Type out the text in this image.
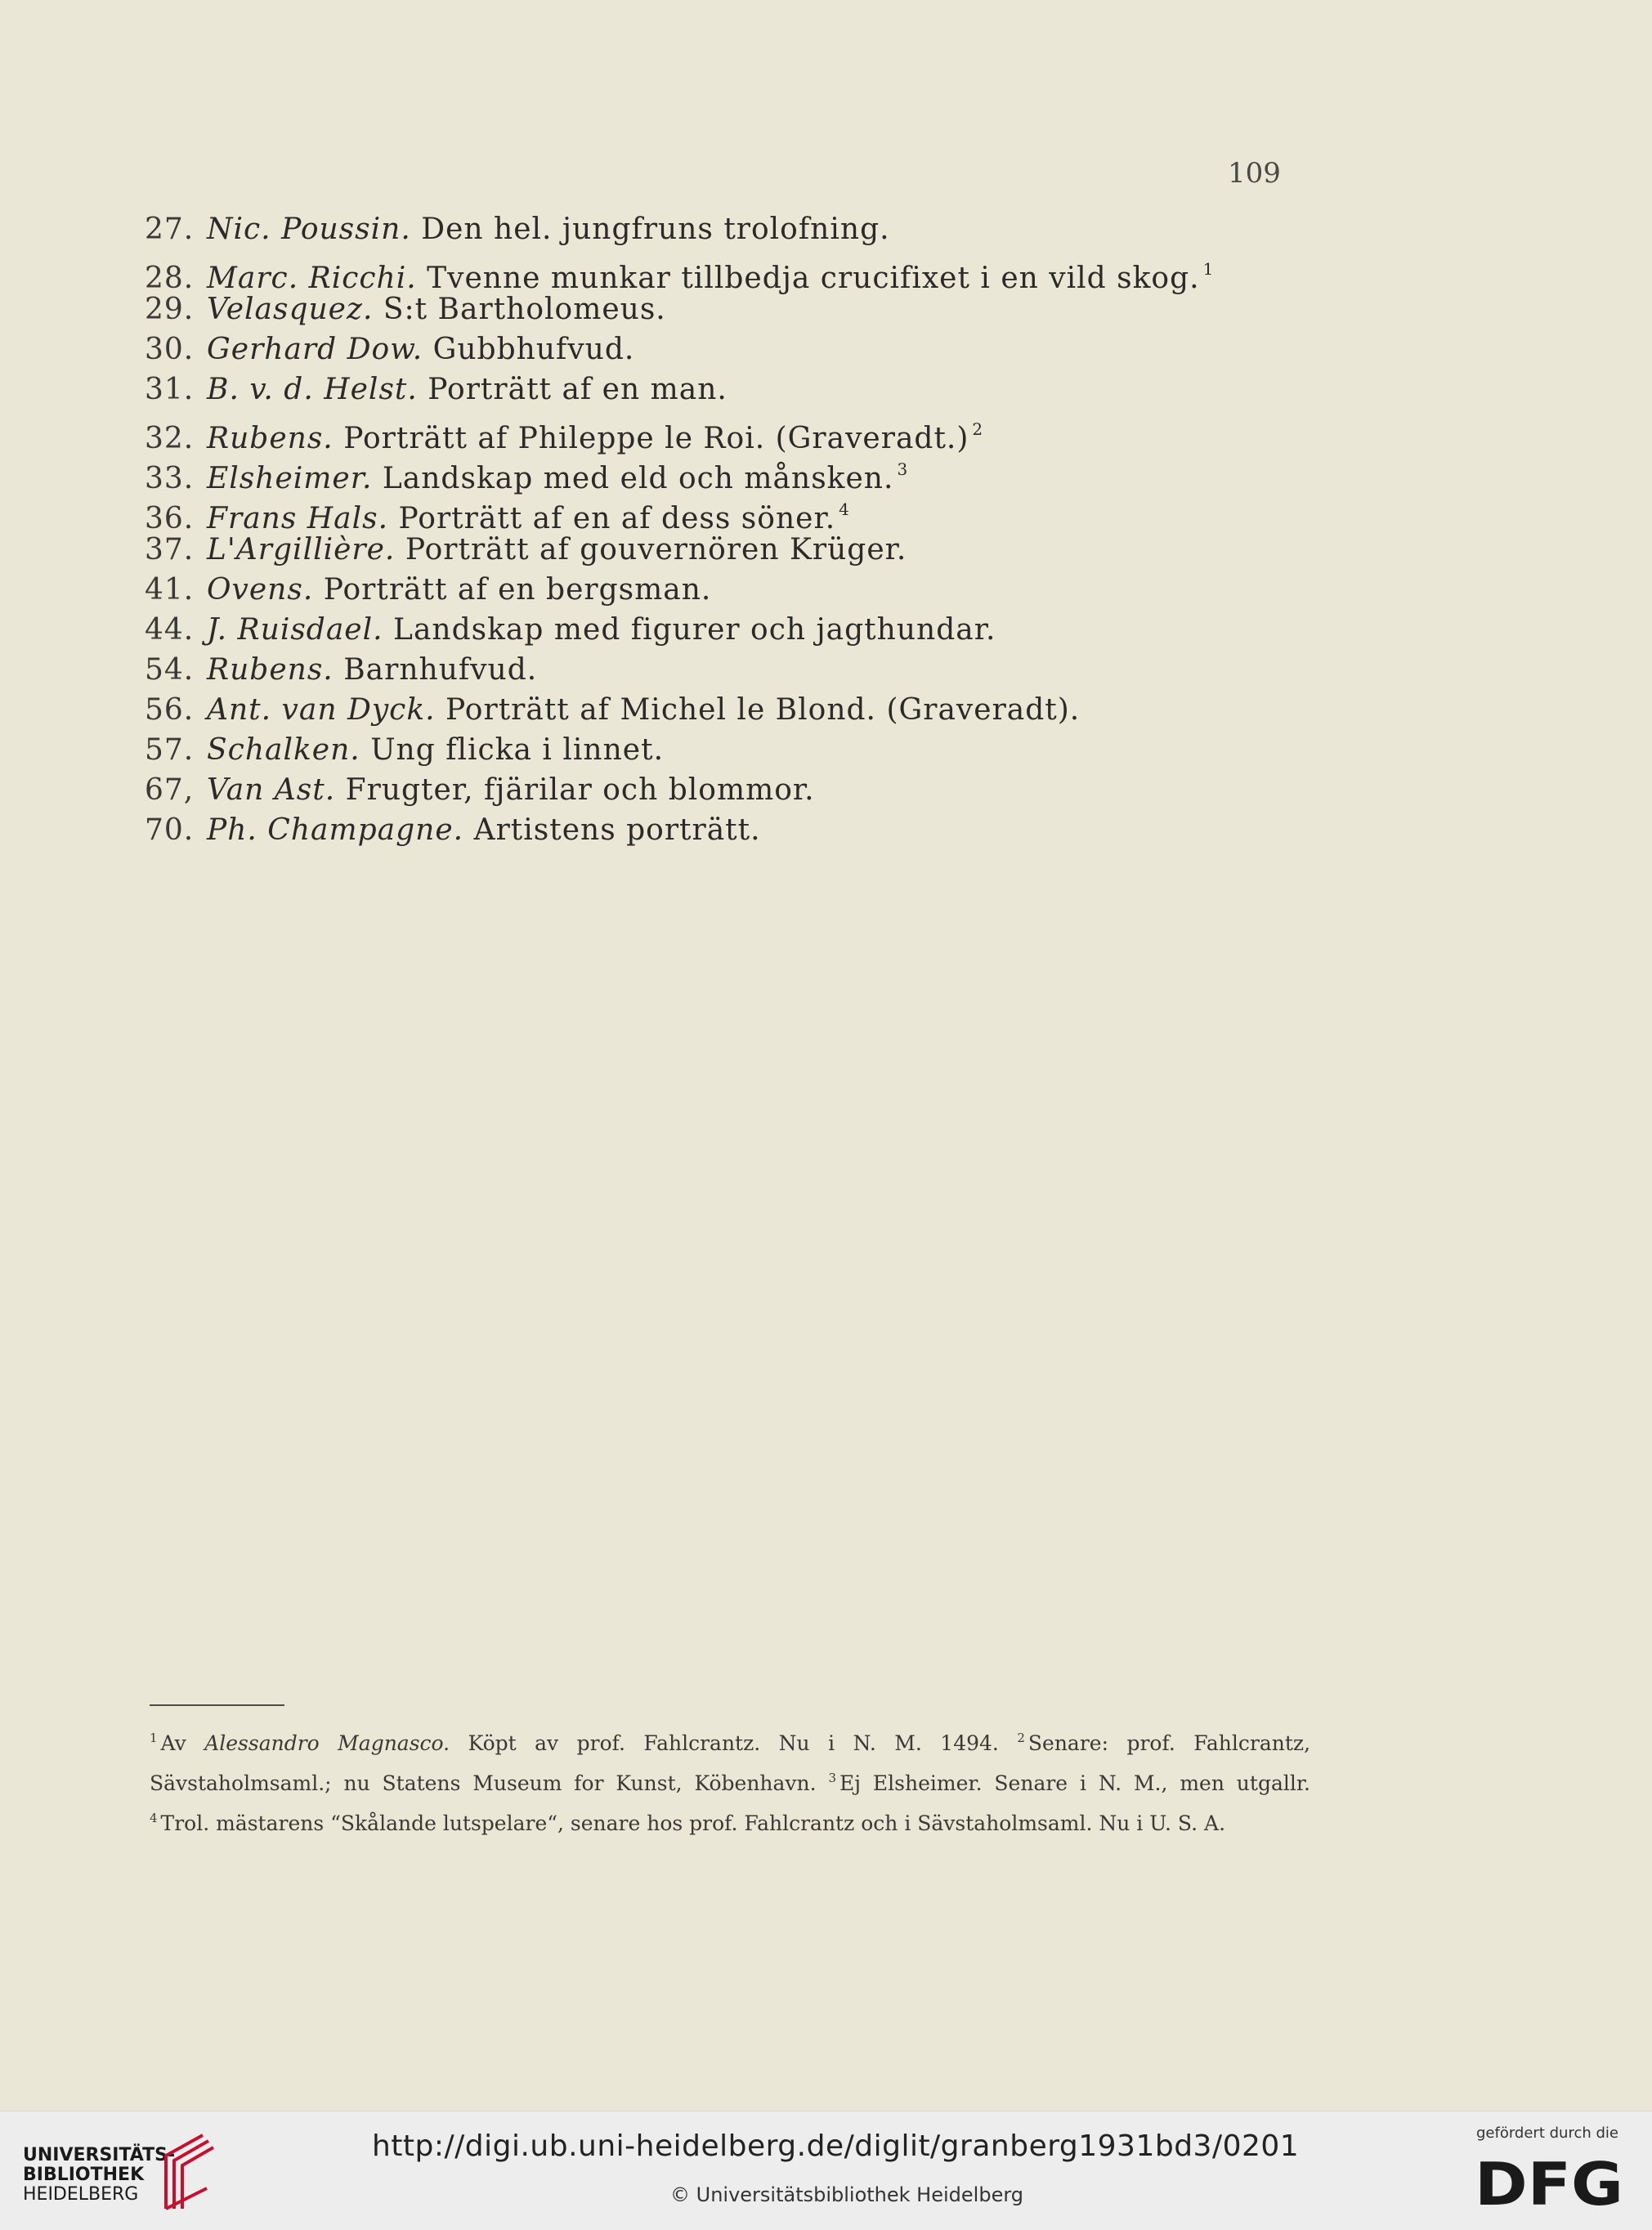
109
27. Nic. Poussin. Den hel. jungfruns trolofning.
28. Marc. Ricchi. Tvenne munkar tillbedja crucifixet i en vild skog. $^1$
29. Velasquez. S:t Bartholomeus.
30. Gerhard Dow. Gubbhufvud.
31. B. v. d. Helst. Porträtt af en man.
32. Rubens. Porträtt af Phileppe le Roi. (Graveradt.) $^2$
33. Elsheimer. Landskap med eld och månsken. $^3$
36. Frans Hals. Porträtt af en af dess söner. $^4$
37. L'Argillière. Porträtt af gouvernören Krüger.
41. Ovens. Porträtt af en bergsman.
44. J. Ruisdael. Landskap med figurer och jagthundar.
54. Rubens. Barnhufvud.
56. Ant. van Dyck. Porträtt af Michel le Blond. (Graveradt).
57. Schalken. Ung flicka i linnet.
67, Van Ast. Frugter, fjärilar och blommor.
70. Ph. Champagne. Artistens porträtt.
$^1$ Av Alessandro Magnasco. Köpt av prof. Fahlcrantz. Nu i N. M. 1494. $^2$ Senare: prof. Fahlcrantz,
Sävstaholmsaml.; nu Statens Museum for Kunst, Köbenhavn. $^3$ Ej Elsheimer. Senare i N. M., men utgallr.
$^4$ Trol. mästarens “Skålande lutspelare“, senare hos prof. Fahlcrantz och i Sävstaholmsaml. Nu i U. S. A.
UNIVERSITÄTS-
BIBLIOTHEK
HEIDELBERG
http://digi.ub.uni-heidelberg.de/diglit/granberg1931bd3/0201
© Universitätsbibliothek Heidelberg
gefördert durch die
DFG
